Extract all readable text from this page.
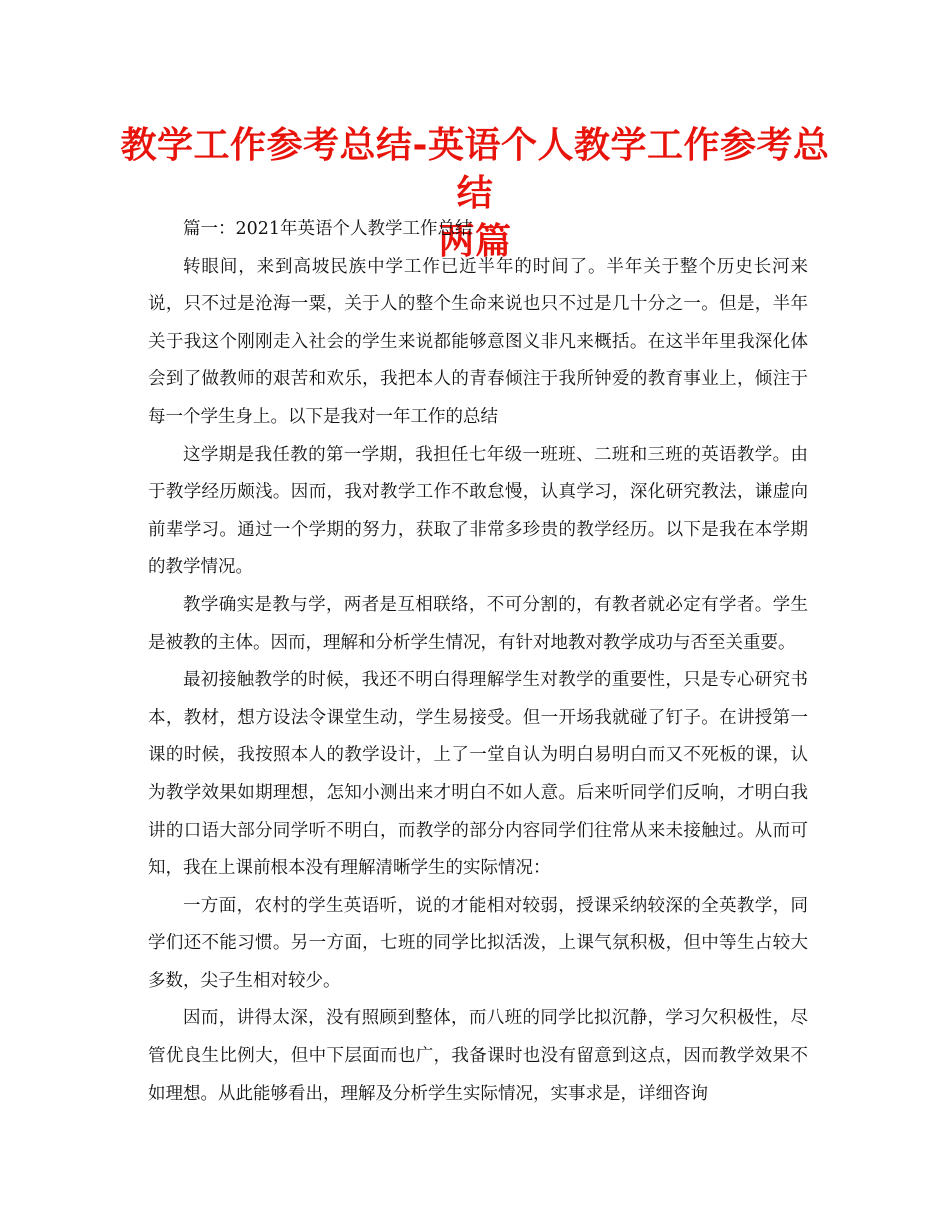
教学工作参考总结-英语个人教学工作参考总结
两篇

篇一：2021年英语个人教学工作总结

转眼间，来到高坡民族中学工作已近半年的时间了。半年关于整个历史长河来说，只不过是沧海一粟，关于人的整个生命来说也只不过是几十分之一。但是，半年关于我这个刚刚走入社会的学生来说都能够意图义非凡来概括。在这半年里我深化体会到了做教师的艰苦和欢乐，我把本人的青春倾注于我所钟爱的教育事业上，倾注于每一个学生身上。以下是我对一年工作的总结

这学期是我任教的第一学期，我担任七年级一班班、二班和三班的英语教学。由于教学经历颇浅。因而，我对教学工作不敢怠慢，认真学习，深化研究教法，谦虚向前辈学习。通过一个学期的努力，获取了非常多珍贵的教学经历。以下是我在本学期的教学情况。

教学确实是教与学，两者是互相联络，不可分割的，有教者就必定有学者。学生是被教的主体。因而，理解和分析学生情况，有针对地教对教学成功与否至关重要。

最初接触教学的时候，我还不明白得理解学生对教学的重要性，只是专心研究书本，教材，想方设法令课堂生动，学生易接受。但一开场我就碰了钉子。在讲授第一课的时候，我按照本人的教学设计，上了一堂自认为明白易明白而又不死板的课，认为教学效果如期理想，怎知小测出来才明白不如人意。后来听同学们反响，才明白我讲的口语大部分同学听不明白，而教学的部分内容同学们往常从来未接触过。从而可知，我在上课前根本没有理解清晰学生的实际情况：

一方面，农村的学生英语听，说的才能相对较弱，授课采纳较深的全英教学，同学们还不能习惯。另一方面，七班的同学比拟活泼，上课气氛积极，但中等生占较大多数，尖子生相对较少。

因而，讲得太深，没有照顾到整体，而八班的同学比拟沉静，学习欠积极性，尽管优良生比例大，但中下层面而也广，我备课时也没有留意到这点，因而教学效果不如理想。从此能够看出，理解及分析学生实际情况，实事求是，详细咨询
